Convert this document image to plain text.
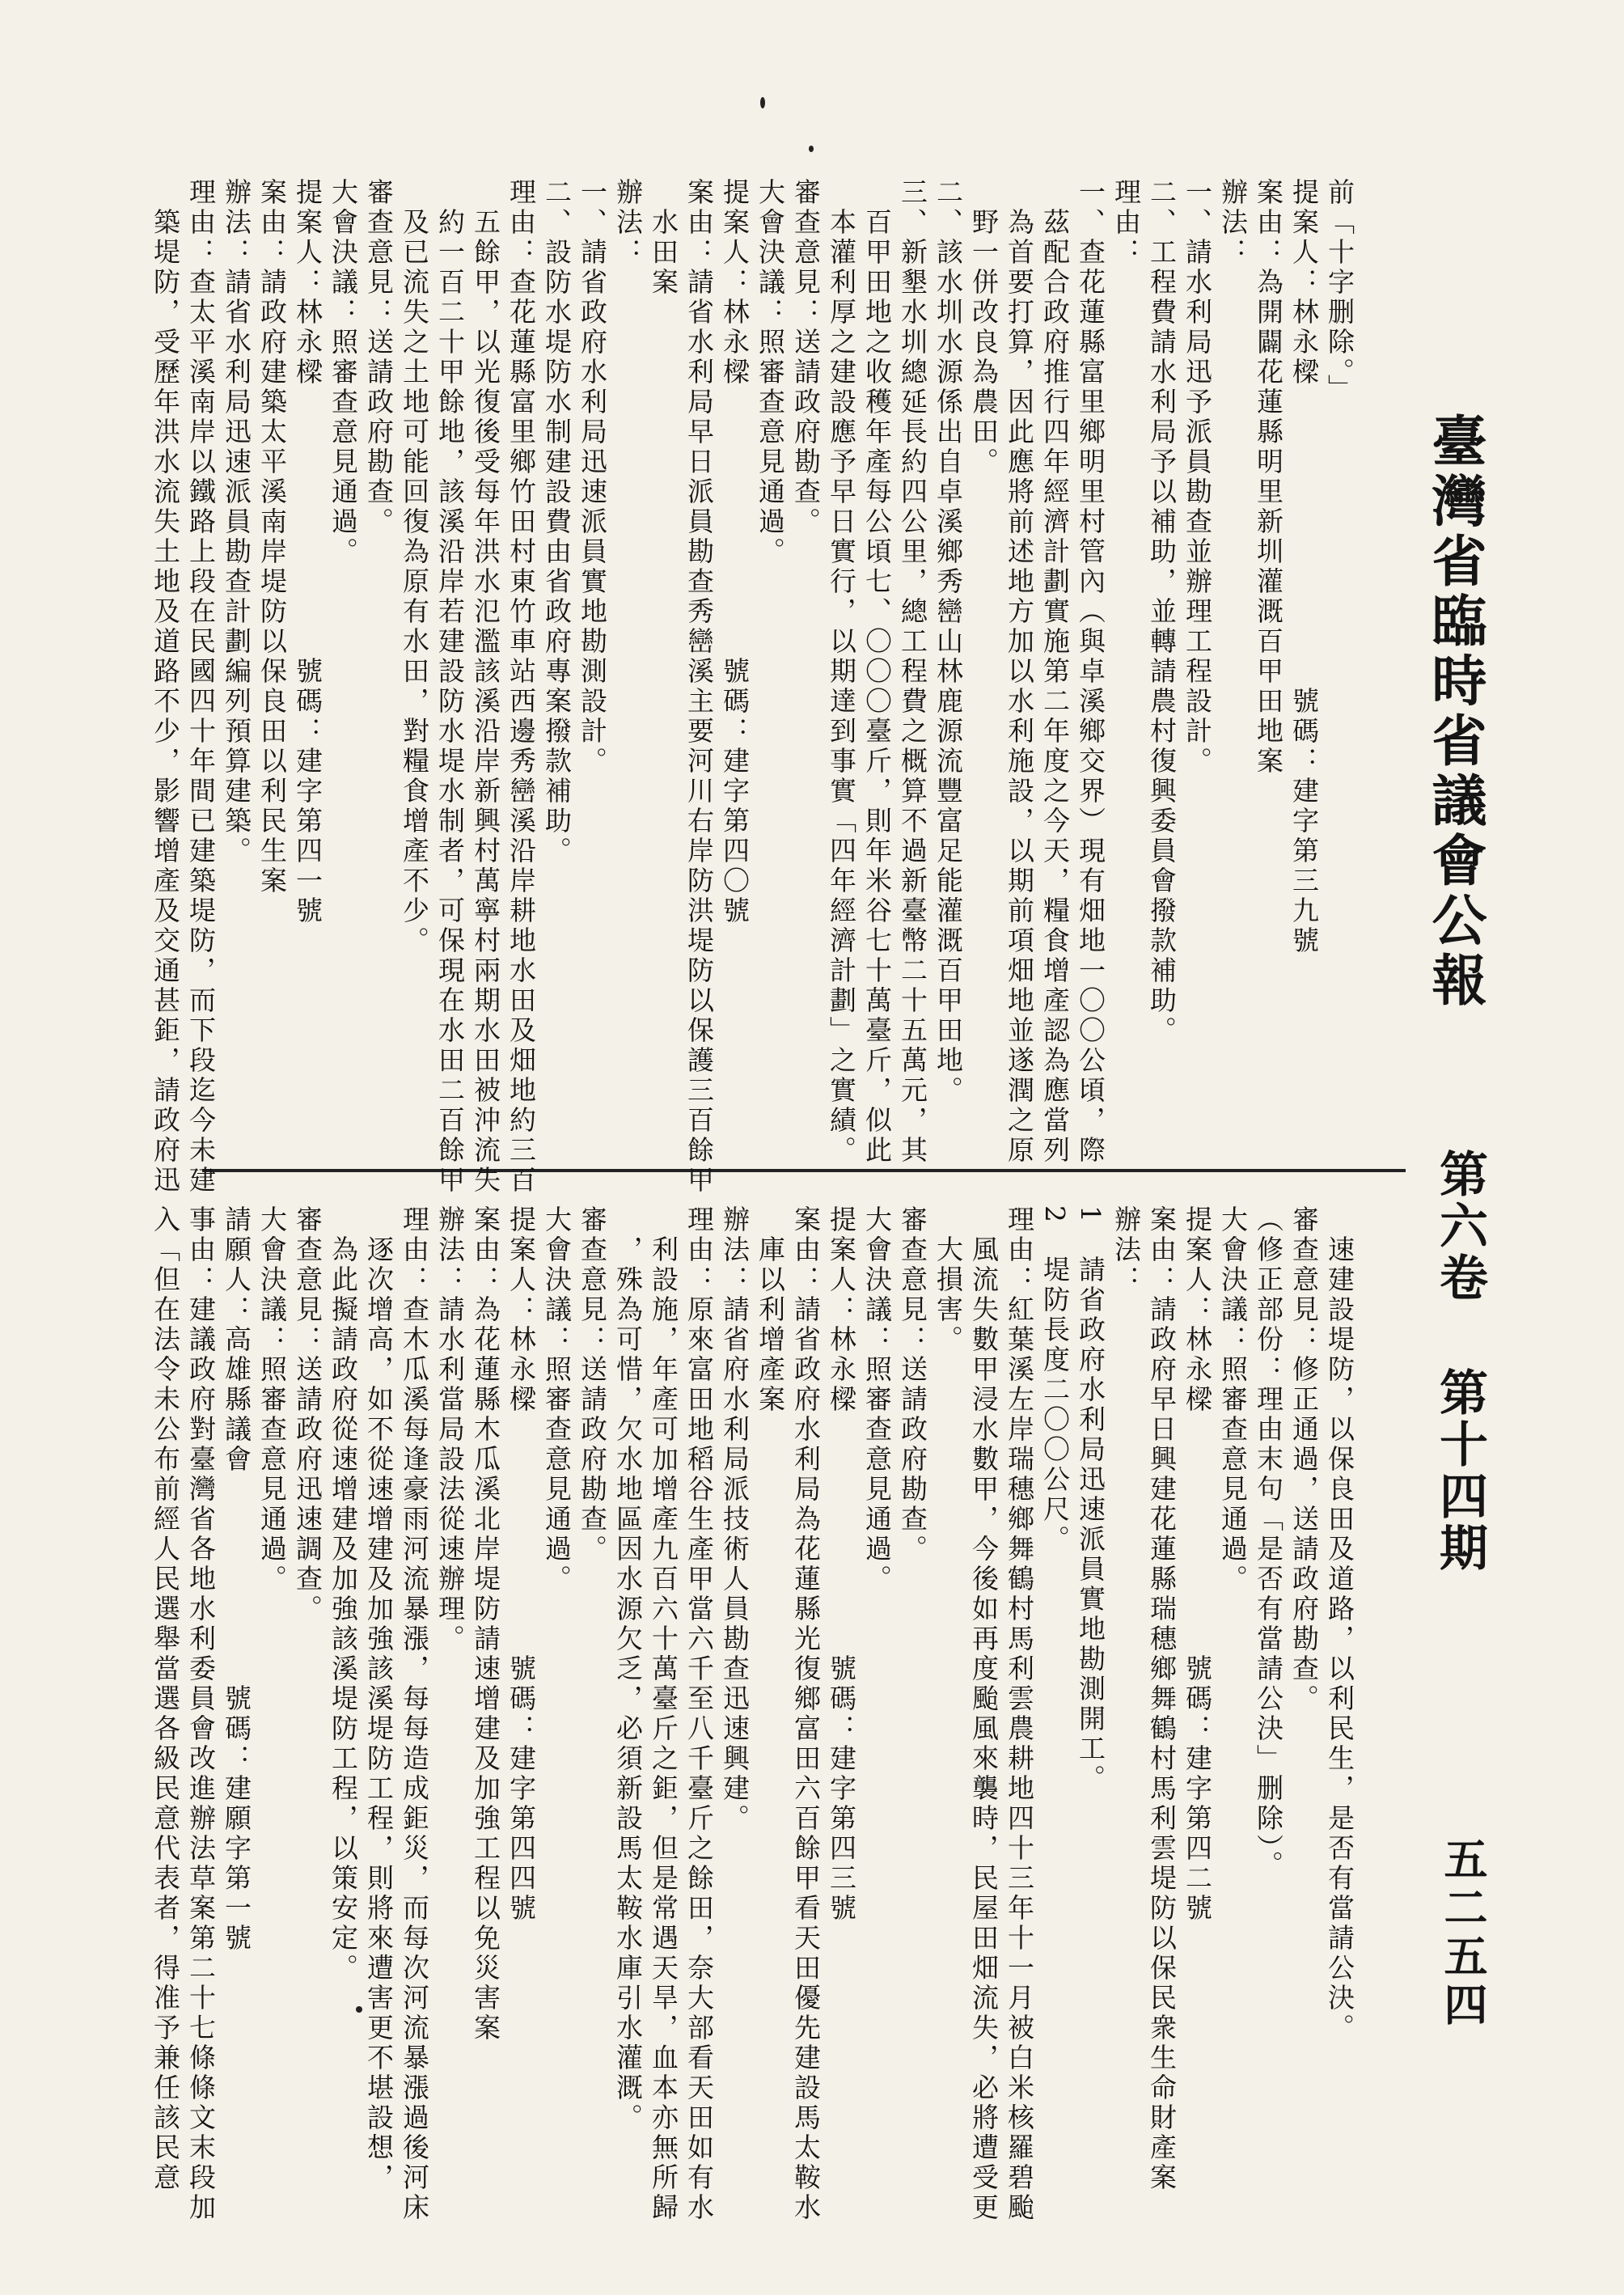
臺灣省臨時省議會公報
第六卷
第十四期
五二五四

前「十字删除。」

提案人：林永樑　　　　　　　　　　號碼：建字第三九號

案由：為開闢花蓮縣明里新圳灌溉百甲田地案

辦法：

一、請水利局迅予派員勘查並辦理工程設計。

二、工程費請水利局予以補助，並轉請農村復興委員會撥款補助。

理由：

一、查花蓮縣富里鄉明里村管內（與卓溪鄉交界）現有畑地一〇〇公頃，際

　茲配合政府推行四年經濟計劃實施第二年度之今天，糧食增產認為應當列

　為首要打算，因此應將前述地方加以水利施設，以期前項畑地並遂潤之原

　野一併改良為農田。

二、該水圳水源係出自卓溪鄉秀巒山林鹿源流豐富足能灌溉百甲田地。

三、新墾水圳總延長約四公里，總工程費之概算不過新臺幣二十五萬元，其

　百甲田地之收穫年產每公頃七、〇〇〇臺斤，則年米谷七十萬臺斤，似此

　本灌利厚之建設應予早日實行，以期達到事實「四年經濟計劃」之實績。

審查意見：送請政府勘查。

大會決議：照審查意見通過。

提案人：林永樑　　　　　　　　　號碼：建字第四〇號

案由：請省水利局早日派員勘查秀巒溪主要河川右岸防洪堤防以保護三百餘甲

　水田案

辦法：

一、請省政府水利局迅速派員實地勘測設計。

二、設防水堤防水制建設費由省政府專案撥款補助。

理由：查花蓮縣富里鄉竹田村東竹車站西邊秀巒溪沿岸耕地水田及畑地約三百

　五餘甲，以光復後受每年洪水氾濫該溪沿岸新興村萬寧村兩期水田被沖流失

　約一百二十甲餘地，該溪沿岸若建設防水堤水制者，可保現在水田二百餘甲

　及已流失之土地可能回復為原有水田，對糧食增產不少。

審查意見：送請政府勘查。

大會決議：照審查意見通過。

提案人：林永樑　　　　　　　　　號碼：建字第四一號

案由：請政府建築太平溪南岸堤防以保良田以利民生案

辦法：請省水利局迅速派員勘查計劃編列預算建築。

理由：查太平溪南岸以鐵路上段在民國四十年間已建築堤防，而下段迄今未建

　築堤防，受歷年洪水流失土地及道路不少，影響增產及交通甚鉅，請政府迅

　速建設堤防，以保良田及道路，以利民生，是否有當請公決。

審查意見：修正通過，送請政府勘查。

（修正部份：理由末句「是否有當請公決」删除）。

大會決議：照審查意見通過。

提案人：林永樑　　　　　　　　號碼：建字第四二號

案由：請政府早日興建花蓮縣瑞穗鄉舞鶴村馬利雲堤防以保民衆生命財產案

辦法：

1　請省政府水利局迅速派員實地勘測開工。

2　堤防長度二〇〇公尺。

理由：紅葉溪左岸瑞穗鄉舞鶴村馬利雲農耕地四十三年十一月被白米核羅碧颱

　風流失數甲浸水數甲，今後如再度颱風來襲時，民屋田畑流失，必將遭受更

　大損害。

審查意見：送請政府勘查。

大會決議：照審查意見通過。

提案人：林永樑　　　　　　　　號碼：建字第四三號

案由：請省政府水利局為花蓮縣光復鄉富田六百餘甲看天田優先建設馬太鞍水

　庫以利增產案

辦法：請省府水利局派技術人員勘查迅速興建。

理由：原來富田地稻谷生產甲當六千至八千臺斤之餘田，奈大部看天田如有水

　利設施，年產可加增產九百六十萬臺斤之鉅，但是常遇天旱，血本亦無所歸

　，殊為可惜，欠水地區因水源欠乏，必須新設馬太鞍水庫引水灌溉。

審查意見：送請政府勘查。

大會決議：照審查意見通過。

提案人：林永樑　　　　　　　　號碼：建字第四四號

案由：為花蓮縣木瓜溪北岸堤防請速增建及加強工程以免災害案

辦法：請水利當局設法從速辦理。

理由：查木瓜溪每逢豪雨河流暴漲，每每造成鉅災，而每次河流暴漲過後河床

　逐次增高，如不從速增建及加強該溪堤防工程，則將來遭害更不堪設想，

　為此擬請政府從速增建及加強該溪堤防工程，以策安定。

審查意見：送請政府迅速調查。

大會決議：照審查意見通過。

請願人：高雄縣議會　　　　　　　號碼：建願字第一號

事由：建議政府對臺灣省各地水利委員會改進辦法草案第二十七條條文末段加

入「但在法令未公布前經人民選舉當選各級民意代表者，得准予兼任該民意
